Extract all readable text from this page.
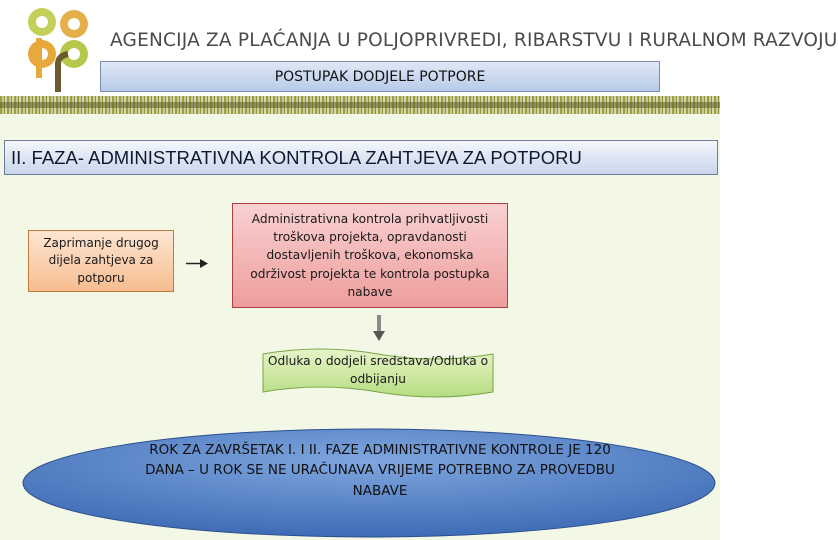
AGENCIJA ZA PLAĆANJA U POLJOPRIVREDI, RIBARSTVU I RURALNOM RAZVOJU
POSTUPAK DODJELE POTPORE
II. FAZA- ADMINISTRATIVNA KONTROLA ZAHTJEVA ZA POTPORU
Zaprimanje drugog dijela zahtjeva za potporu
Administrativna kontrola prihvatljivosti troškova projekta, opravdanosti dostavljenih troškova, ekonomska održivost projekta te kontrola postupka nabave
Odluka o dodjeli sredstava/Odluka o odbijanju
ROK ZA ZAVRŠETAK I. I II. FAZE ADMINISTRATIVNE KONTROLE JE 120 DANA – U ROK SE NE URAČUNAVA VRIJEME POTREBNO ZA PROVEDBU NABAVE
